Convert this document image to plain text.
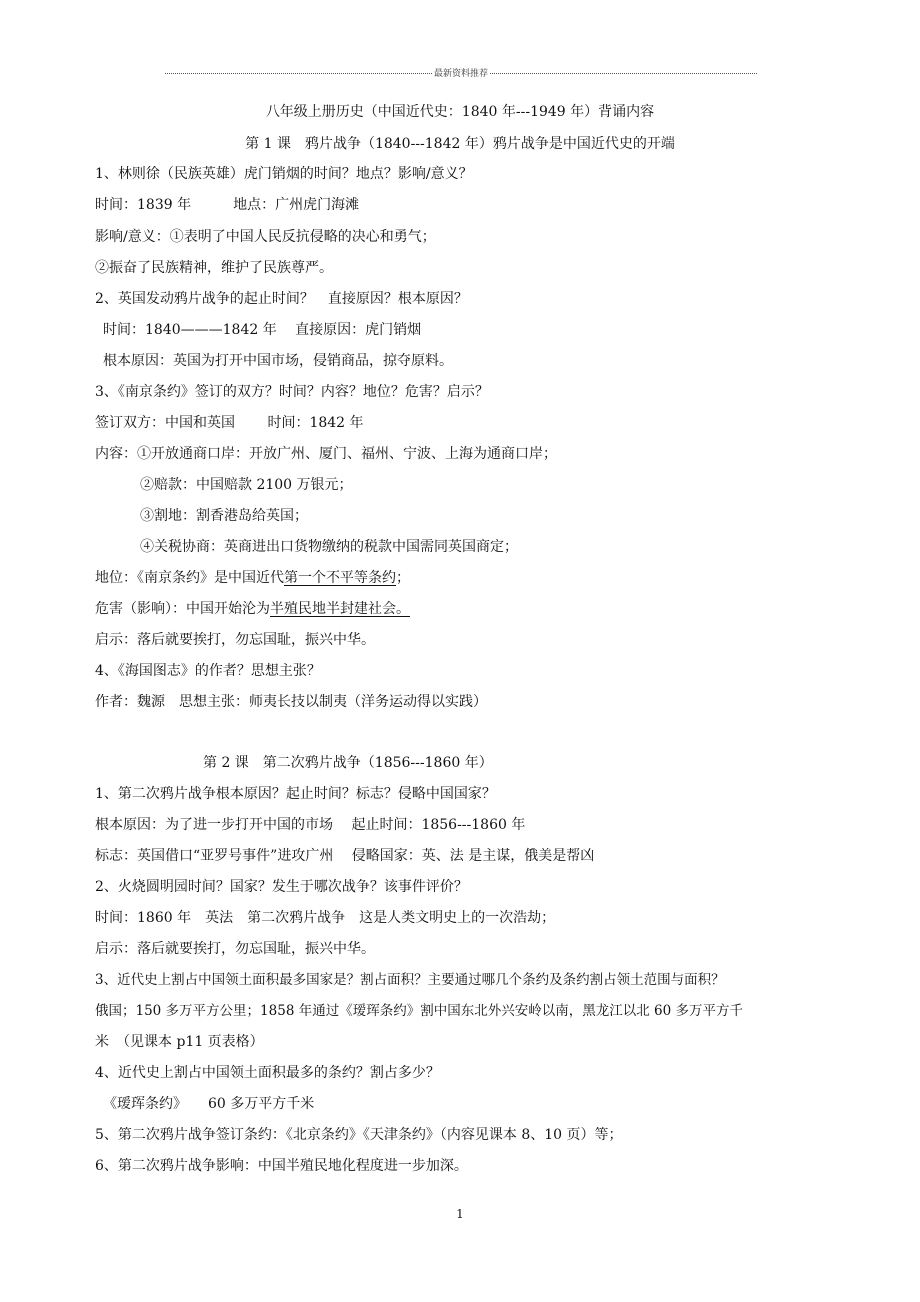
最新资料推荐
八年级上册历史（中国近代史：1840 年---1949 年）背诵内容
第 1 课　鸦片战争（1840---1842 年）鸦片战争是中国近代史的开端
1、林则徐（民族英雄）虎门销烟的时间？地点？影响/意义？
时间：1839 年　　　地点：广州虎门海滩
影响/意义：①表明了中国人民反抗侵略的决心和勇气；
②振奋了民族精神，维护了民族尊严。
2、英国发动鸦片战争的起止时间？　直接原因？根本原因？
时间：1840———1842 年　 直接原因：虎门销烟
根本原因：英国为打开中国市场，侵销商品，掠夺原料。
3、《南京条约》签订的双方？时间？内容？地位？危害？启示？
签订双方：中国和英国　　 时间：1842 年
内容：①开放通商口岸：开放广州、厦门、福州、宁波、上海为通商口岸；
②赔款：中国赔款 2100 万银元；
③割地：割香港岛给英国；
④关税协商：英商进出口货物缴纳的税款中国需同英国商定；
地位：《南京条约》是中国近代第一个不平等条约；
危害（影响）：中国开始沦为半殖民地半封建社会。
启示：落后就要挨打，勿忘国耻，振兴中华。
4、《海国图志》的作者？思想主张？
作者：魏源　思想主张：师夷长技以制夷（洋务运动得以实践）
第 2 课　第二次鸦片战争（1856---1860 年）
1、第二次鸦片战争根本原因？起止时间？标志？侵略中国国家？
根本原因：为了进一步打开中国的市场　 起止时间：1856---1860 年
标志：英国借口“亚罗号事件”进攻广州　 侵略国家：英、法 是主谋，俄美是帮凶
2、火烧圆明园时间？国家？发生于哪次战争？该事件评价？
时间：1860 年　英法　第二次鸦片战争　这是人类文明史上的一次浩劫；
启示：落后就要挨打，勿忘国耻，振兴中华。
3、近代史上割占中国领土面积最多国家是？割占面积？主要通过哪几个条约及条约割占领土范围与面积？
俄国；150 多万平方公里；1858 年通过《瑷珲条约》割中国东北外兴安岭以南，黑龙江以北 60 多万平方千
米　（见课本 p11 页表格）
4、近代史上割占中国领土面积最多的条约？割占多少？
《瑷珲条约》　　60 多万平方千米
5、第二次鸦片战争签订条约：《北京条约》《天津条约》（内容见课本 8、10 页）等；
6、第二次鸦片战争影响：中国半殖民地化程度进一步加深。
1
